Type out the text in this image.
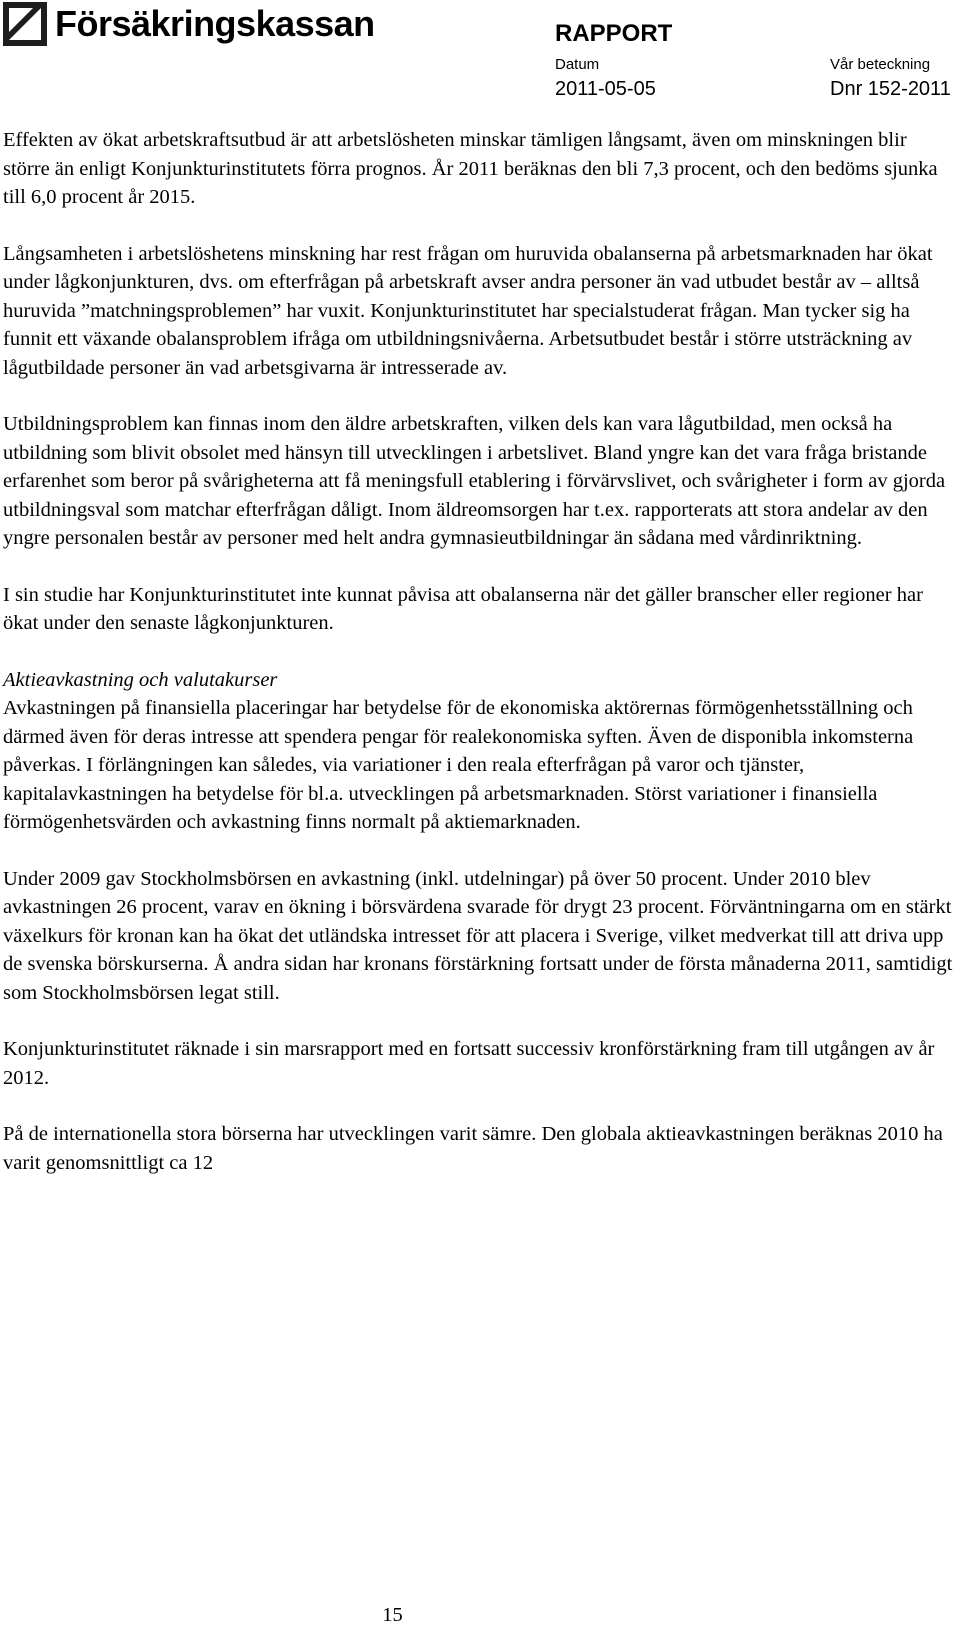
Försäkringskassan	RAPPORT
Datum
2011-05-05
Vår beteckning
Dnr 152-2011

Effekten av ökat arbetskraftsutbud är att arbetslösheten minskar tämligen långsamt, även om minskningen blir större än enligt Konjunkturinstitutets förra prognos. År 2011 beräknas den bli 7,3 procent, och den bedöms sjunka till 6,0 procent år 2015.

Långsamheten i arbetslöshetens minskning har rest frågan om huruvida obalanserna på arbetsmarknaden har ökat under lågkonjunkturen, dvs. om efterfrågan på arbetskraft avser andra personer än vad utbudet består av – alltså huruvida ”matchningsproblemen” har vuxit. Konjunkturinstitutet har specialstuderat frågan. Man tycker sig ha funnit ett växande obalansproblem ifråga om utbildningsnivåerna. Arbetsutbudet består i större utsträckning av lågutbildade personer än vad arbetsgivarna är intresserade av.

Utbildningsproblem kan finnas inom den äldre arbetskraften, vilken dels kan vara lågutbildad, men också ha utbildning som blivit obsolet med hänsyn till utvecklingen i arbetslivet. Bland yngre kan det vara fråga bristande erfarenhet som beror på svårigheterna att få meningsfull etablering i förvärvslivet, och svårigheter i form av gjorda utbildningsval som matchar efterfrågan dåligt. Inom äldreomsorgen har t.ex. rapporterats att stora andelar av den yngre personalen består av personer med helt andra gymnasieutbildningar än sådana med vårdinriktning.

I sin studie har Konjunkturinstitutet inte kunnat påvisa att obalanserna när det gäller branscher eller regioner har ökat under den senaste lågkonjunkturen.

Aktieavkastning och valutakurser

Avkastningen på finansiella placeringar har betydelse för de ekonomiska aktörernas förmögenhetsställning och därmed även för deras intresse att spendera pengar för realekonomiska syften. Även de disponibla inkomsterna påverkas. I förlängningen kan således, via variationer i den reala efterfrågan på varor och tjänster, kapitalavkastningen ha betydelse för bl.a. utvecklingen på arbetsmarknaden. Störst variationer i finansiella förmögenhetsvärden och avkastning finns normalt på aktiemarknaden.

Under 2009 gav Stockholmsbörsen en avkastning (inkl. utdelningar) på över 50 procent. Under 2010 blev avkastningen 26 procent, varav en ökning i börsvärdena svarade för drygt 23 procent. Förväntningarna om en stärkt växelkurs för kronan kan ha ökat det utländska intresset för att placera i Sverige, vilket medverkat till att driva upp de svenska börskurserna. Å andra sidan har kronans förstärkning fortsatt under de första månaderna 2011, samtidigt som Stockholmsbörsen legat still.

Konjunkturinstitutet räknade i sin marsrapport med en fortsatt successiv kronförstärkning fram till utgången av år 2012.

På de internationella stora börserna har utvecklingen varit sämre. Den globala aktieavkastningen beräknas 2010 ha varit genomsnittligt ca 12

15
